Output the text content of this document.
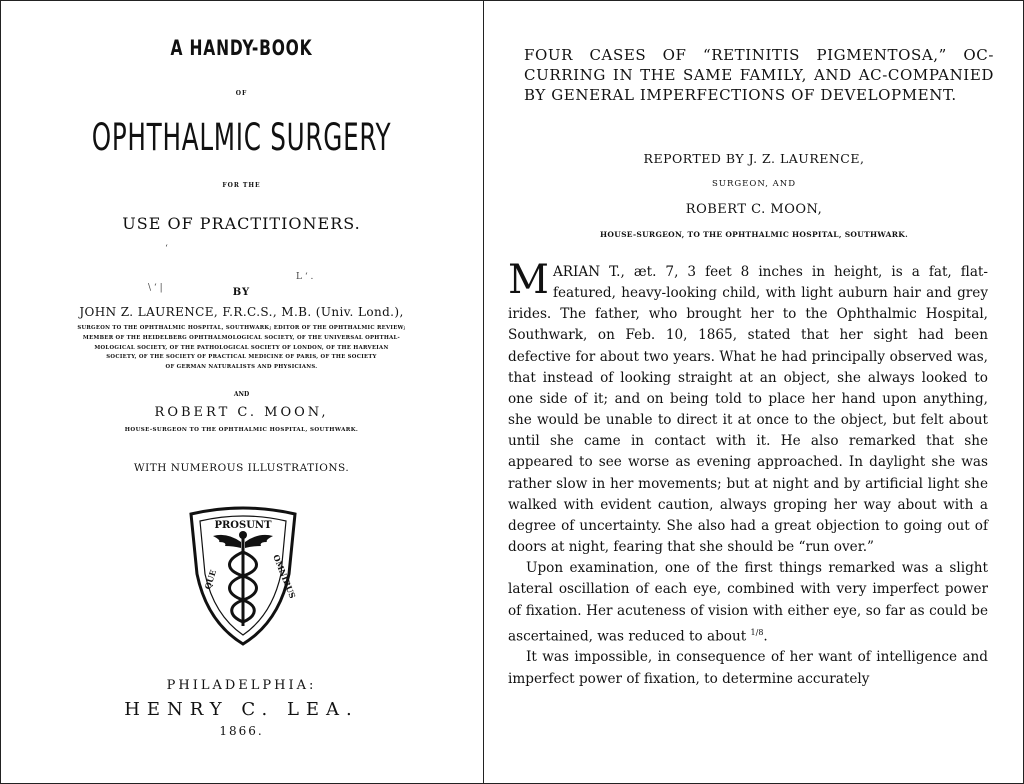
A HANDY-BOOK
OF
OPHTHALMIC SURGERY
FOR THE
USE OF PRACTITIONERS.
‘
\ ‘ |
L ‘ .
BY
JOHN Z. LAURENCE, F.R.C.S., M.B. (Univ. Lond.),
SURGEON TO THE OPHTHALMIC HOSPITAL, SOUTHWARK; EDITOR OF THE OPHTHALMIC REVIEW;
MEMBER OF THE HEIDELBERG OPHTHALMOLOGICAL SOCIETY, OF THE UNIVERSAL OPHTHAL-
MOLOGICAL SOCIETY, OF THE PATHOLOGICAL SOCIETY OF LONDON, OF THE HARVEIAN
SOCIETY, OF THE SOCIETY OF PRACTICAL MEDICINE OF PARIS, OF THE SOCIETY
OF GERMAN NATURALISTS AND PHYSICIANS.
AND
ROBERT C. MOON,
HOUSE-SURGEON TO THE OPHTHALMIC HOSPITAL, SOUTHWARK.
WITH NUMEROUS ILLUSTRATIONS.
PROSUNT
QUE	OMNIBUS
PHILADELPHIA:
HENRY C. LEA.
1866.
FOUR CASES OF “RETINITIS PIGMENTOSA,” OC-CURRING IN THE SAME FAMILY, AND AC-COMPANIED BY GENERAL IMPERFECTIONS OF DEVELOPMENT.
REPORTED BY J. Z. LAURENCE,
SURGEON, AND
ROBERT C. MOON,
HOUSE-SURGEON, TO THE OPHTHALMIC HOSPITAL, SOUTHWARK.

MARIAN T., æt. 7, 3 feet 8 inches in height, is a fat, flat-featured, heavy-looking child, with light auburn hair and grey irides. The father, who brought her to the Ophthalmic Hospital, Southwark, on Feb. 10, 1865, stated that her sight had been defective for about two years. What he had principally observed was, that instead of looking straight at an object, she always looked to one side of it; and on being told to place her hand upon anything, she would be unable to direct it at once to the object, but felt about until she came in contact with it. He also remarked that she appeared to see worse as evening approached. In daylight she was rather slow in her movements; but at night and by artificial light she walked with evident caution, always groping her way about with a degree of uncertainty. She also had a great objection to going out of doors at night, fearing that she should be “run over.”

Upon examination, one of the first things remarked was a slight lateral oscillation of each eye, combined with very imperfect power of fixation. Her acuteness of vision with either eye, so far as could be ascertained, was reduced to about $^{1/8}$.

It was impossible, in consequence of her want of intelligence and imperfect power of fixation, to determine accurately
